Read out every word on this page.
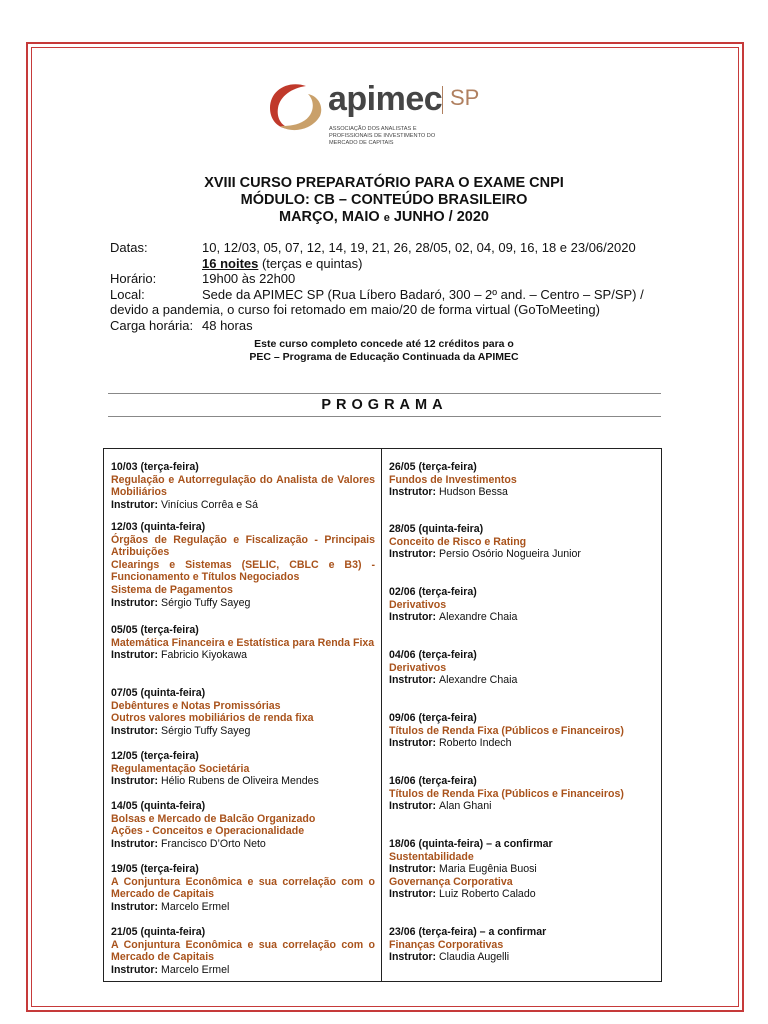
apimec SP
ASSOCIAÇÃO DOS ANALISTAS E PROFISSIONAIS DE INVESTIMENTO DO MERCADO DE CAPITAIS
XVIII CURSO PREPARATÓRIO PARA O EXAME CNPI
MÓDULO: CB – CONTEÚDO BRASILEIRO
MARÇO, MAIO e JUNHO / 2020
Datas:	10, 12/03, 05, 07, 12, 14, 19, 21, 26, 28/05, 02, 04, 09, 16, 18 e 23/06/2020
16 noites (terças e quintas)
Horário:	19h00 às 22h00
Local:	Sede da APIMEC SP (Rua Líbero Badaró, 300 – 2º and. – Centro – SP/SP) /
devido a pandemia, o curso foi retomado em maio/20 de forma virtual (GoToMeeting)
Carga horária: 48 horas
Este curso completo concede até 12 créditos para o
PEC – Programa de Educação Continuada da APIMEC
PROGRAMA
10/03 (terça-feira)
Regulação e Autorregulação do Analista de Valores Mobiliários
Instrutor: Vinícius Corrêa e Sá
12/03 (quinta-feira)
Órgãos de Regulação e Fiscalização - Principais Atribuições
Clearings e Sistemas (SELIC, CBLC e B3) - Funcionamento e Títulos Negociados
Sistema de Pagamentos
Instrutor: Sérgio Tuffy Sayeg
05/05 (terça-feira)
Matemática Financeira e Estatística para Renda Fixa
Instrutor: Fabricio Kiyokawa
07/05 (quinta-feira)
Debêntures e Notas Promissórias
Outros valores mobiliários de renda fixa
Instrutor: Sérgio Tuffy Sayeg
12/05 (terça-feira)
Regulamentação Societária
Instrutor: Hélio Rubens de Oliveira Mendes
14/05 (quinta-feira)
Bolsas e Mercado de Balcão Organizado
Ações - Conceitos e Operacionalidade
Instrutor: Francisco D’Orto Neto
19/05 (terça-feira)
A Conjuntura Econômica e sua correlação com o Mercado de Capitais
Instrutor: Marcelo Ermel
21/05 (quinta-feira)
A Conjuntura Econômica e sua correlação com o Mercado de Capitais
Instrutor: Marcelo Ermel
26/05 (terça-feira)
Fundos de Investimentos
Instrutor: Hudson Bessa
28/05 (quinta-feira)
Conceito de Risco e Rating
Instrutor: Persio Osório Nogueira Junior
02/06 (terça-feira)
Derivativos
Instrutor: Alexandre Chaia
04/06 (terça-feira)
Derivativos
Instrutor: Alexandre Chaia
09/06 (terça-feira)
Títulos de Renda Fixa (Públicos e Financeiros)
Instrutor: Roberto Indech
16/06 (terça-feira)
Títulos de Renda Fixa (Públicos e Financeiros)
Instrutor: Alan Ghani
18/06 (quinta-feira) – a confirmar
Sustentabilidade
Instrutor: Maria Eugênia Buosi
Governança Corporativa
Instrutor: Luiz Roberto Calado
23/06 (terça-feira) – a confirmar
Finanças Corporativas
Instrutor: Claudia Augelli
